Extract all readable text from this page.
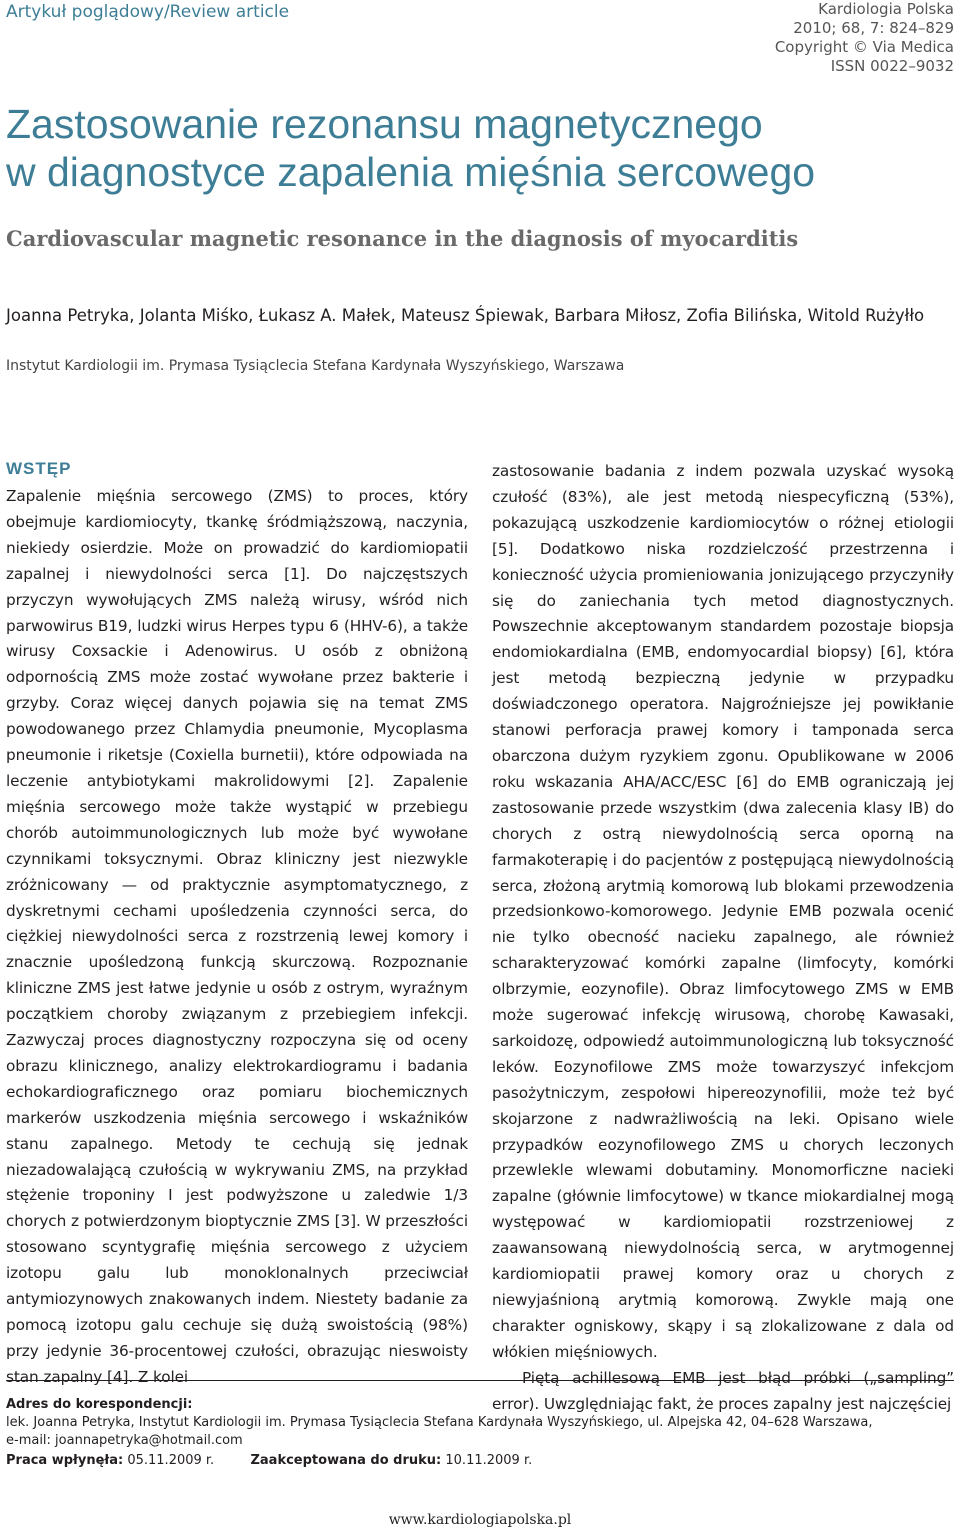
Artykuł poglądowy/Review article	Kardiologia Polska
2010; 68, 7: 824–829
Copyright © Via Medica
ISSN 0022–9032
Zastosowanie rezonansu magnetycznego
w diagnostyce zapalenia mięśnia sercowego
Cardiovascular magnetic resonance in the diagnosis of myocarditis
Joanna Petryka, Jolanta Miśko, Łukasz A. Małek, Mateusz Śpiewak, Barbara Miłosz, Zofia Bilińska, Witold Rużyłło
Instytut Kardiologii im. Prymasa Tysiąclecia Stefana Kardynała Wyszyńskiego, Warszawa
WSTĘP

Zapalenie mięśnia sercowego (ZMS) to proces, który obejmuje kardiomiocyty, tkankę śródmiąższową, naczynia, niekiedy osierdzie. Może on prowadzić do kardiomiopatii zapalnej i niewydolności serca [1]. Do najczęstszych przyczyn wywołujących ZMS należą wirusy, wśród nich parwowirus B19, ludzki wirus Herpes typu 6 (HHV-6), a także wirusy Coxsackie i Adenowirus. U osób z obniżoną odpornością ZMS może zostać wywołane przez bakterie i grzyby. Coraz więcej danych pojawia się na temat ZMS powodowanego przez Chlamydia pneumonie, Mycoplasma pneumonie i riketsje (Coxiella burnetii), które odpowiada na leczenie antybiotykami makrolidowymi [2]. Zapalenie mięśnia sercowego może także wystąpić w przebiegu chorób autoimmunologicznych lub może być wywołane czynnikami toksycznymi. Obraz kliniczny jest niezwykle zróżnicowany — od praktycznie asymptomatycznego, z dyskretnymi cechami upośledzenia czynności serca, do ciężkiej niewydolności serca z rozstrzenią lewej komory i znacznie upośledzoną funkcją skurczową. Rozpoznanie kliniczne ZMS jest łatwe jedynie u osób z ostrym, wyraźnym początkiem choroby związanym z przebiegiem infekcji. Zazwyczaj proces diagnostyczny rozpoczyna się od oceny obrazu klinicznego, analizy elektrokardiogramu i badania echokardiograficznego oraz pomiaru biochemicznych markerów uszkodzenia mięśnia sercowego i wskaźników stanu zapalnego. Metody te cechują się jednak niezadowalającą czułością w wykrywaniu ZMS, na przykład stężenie troponiny I jest podwyższone u zaledwie 1/3 chorych z potwierdzonym bioptycznie ZMS [3]. W przeszłości stosowano scyntygrafię mięśnia sercowego z użyciem izotopu galu lub monoklonalnych przeciwciał antymiozynowych znakowanych indem. Niestety badanie za pomocą izotopu galu cechuje się dużą swoistością (98%) przy jedynie 36-procentowej czułości, obrazując nieswoisty stan zapalny [4]. Z kolei

zastosowanie badania z indem pozwala uzyskać wysoką czułość (83%), ale jest metodą niespecyficzną (53%), pokazującą uszkodzenie kardiomiocytów o różnej etiologii [5]. Dodatkowo niska rozdzielczość przestrzenna i konieczność użycia promieniowania jonizującego przyczyniły się do zaniechania tych metod diagnostycznych. Powszechnie akceptowanym standardem pozostaje biopsja endomiokardialna (EMB, endomyocardial biopsy) [6], która jest metodą bezpieczną jedynie w przypadku doświadczonego operatora. Najgroźniejsze jej powikłanie stanowi perforacja prawej komory i tamponada serca obarczona dużym ryzykiem zgonu. Opublikowane w 2006 roku wskazania AHA/ACC/ESC [6] do EMB ograniczają jej zastosowanie przede wszystkim (dwa zalecenia klasy IB) do chorych z ostrą niewydolnością serca oporną na farmakoterapię i do pacjentów z postępującą niewydolnością serca, złożoną arytmią komorową lub blokami przewodzenia przedsionkowo-komorowego. Jedynie EMB pozwala ocenić nie tylko obecność nacieku zapalnego, ale również scharakteryzować komórki zapalne (limfocyty, komórki olbrzymie, eozynofile). Obraz limfocytowego ZMS w EMB może sugerować infekcję wirusową, chorobę Kawasaki, sarkoidozę, odpowiedź autoimmunologiczną lub toksyczność leków. Eozynofilowe ZMS może towarzyszyć infekcjom pasożytniczym, zespołowi hipereozynofilii, może też być skojarzone z nadwrażliwością na leki. Opisano wiele przypadków eozynofilowego ZMS u chorych leczonych przewlekle wlewami dobutaminy. Monomorficzne nacieki zapalne (głównie limfocytowe) w tkance miokardialnej mogą występować w kardiomiopatii rozstrzeniowej z zaawansowaną niewydolnością serca, w arytmogennej kardiomiopatii prawej komory oraz u chorych z niewyjaśnioną arytmią komorową. Zwykle mają one charakter ogniskowy, skąpy i są zlokalizowane z dala od włókien mięśniowych.

Piętą achillesową EMB jest błąd próbki („sampling” error). Uwzględniając fakt, że proces zapalny jest najczęściej

Adres do korespondencji:
lek. Joanna Petryka, Instytut Kardiologii im. Prymasa Tysiąclecia Stefana Kardynała Wyszyńskiego, ul. Alpejska 42, 04–628 Warszawa,
e-mail: joannapetryka@hotmail.com
Praca wpłynęła: 05.11.2009 r.	Zaakceptowana do druku: 10.11.2009 r.
www.kardiologiapolska.pl
